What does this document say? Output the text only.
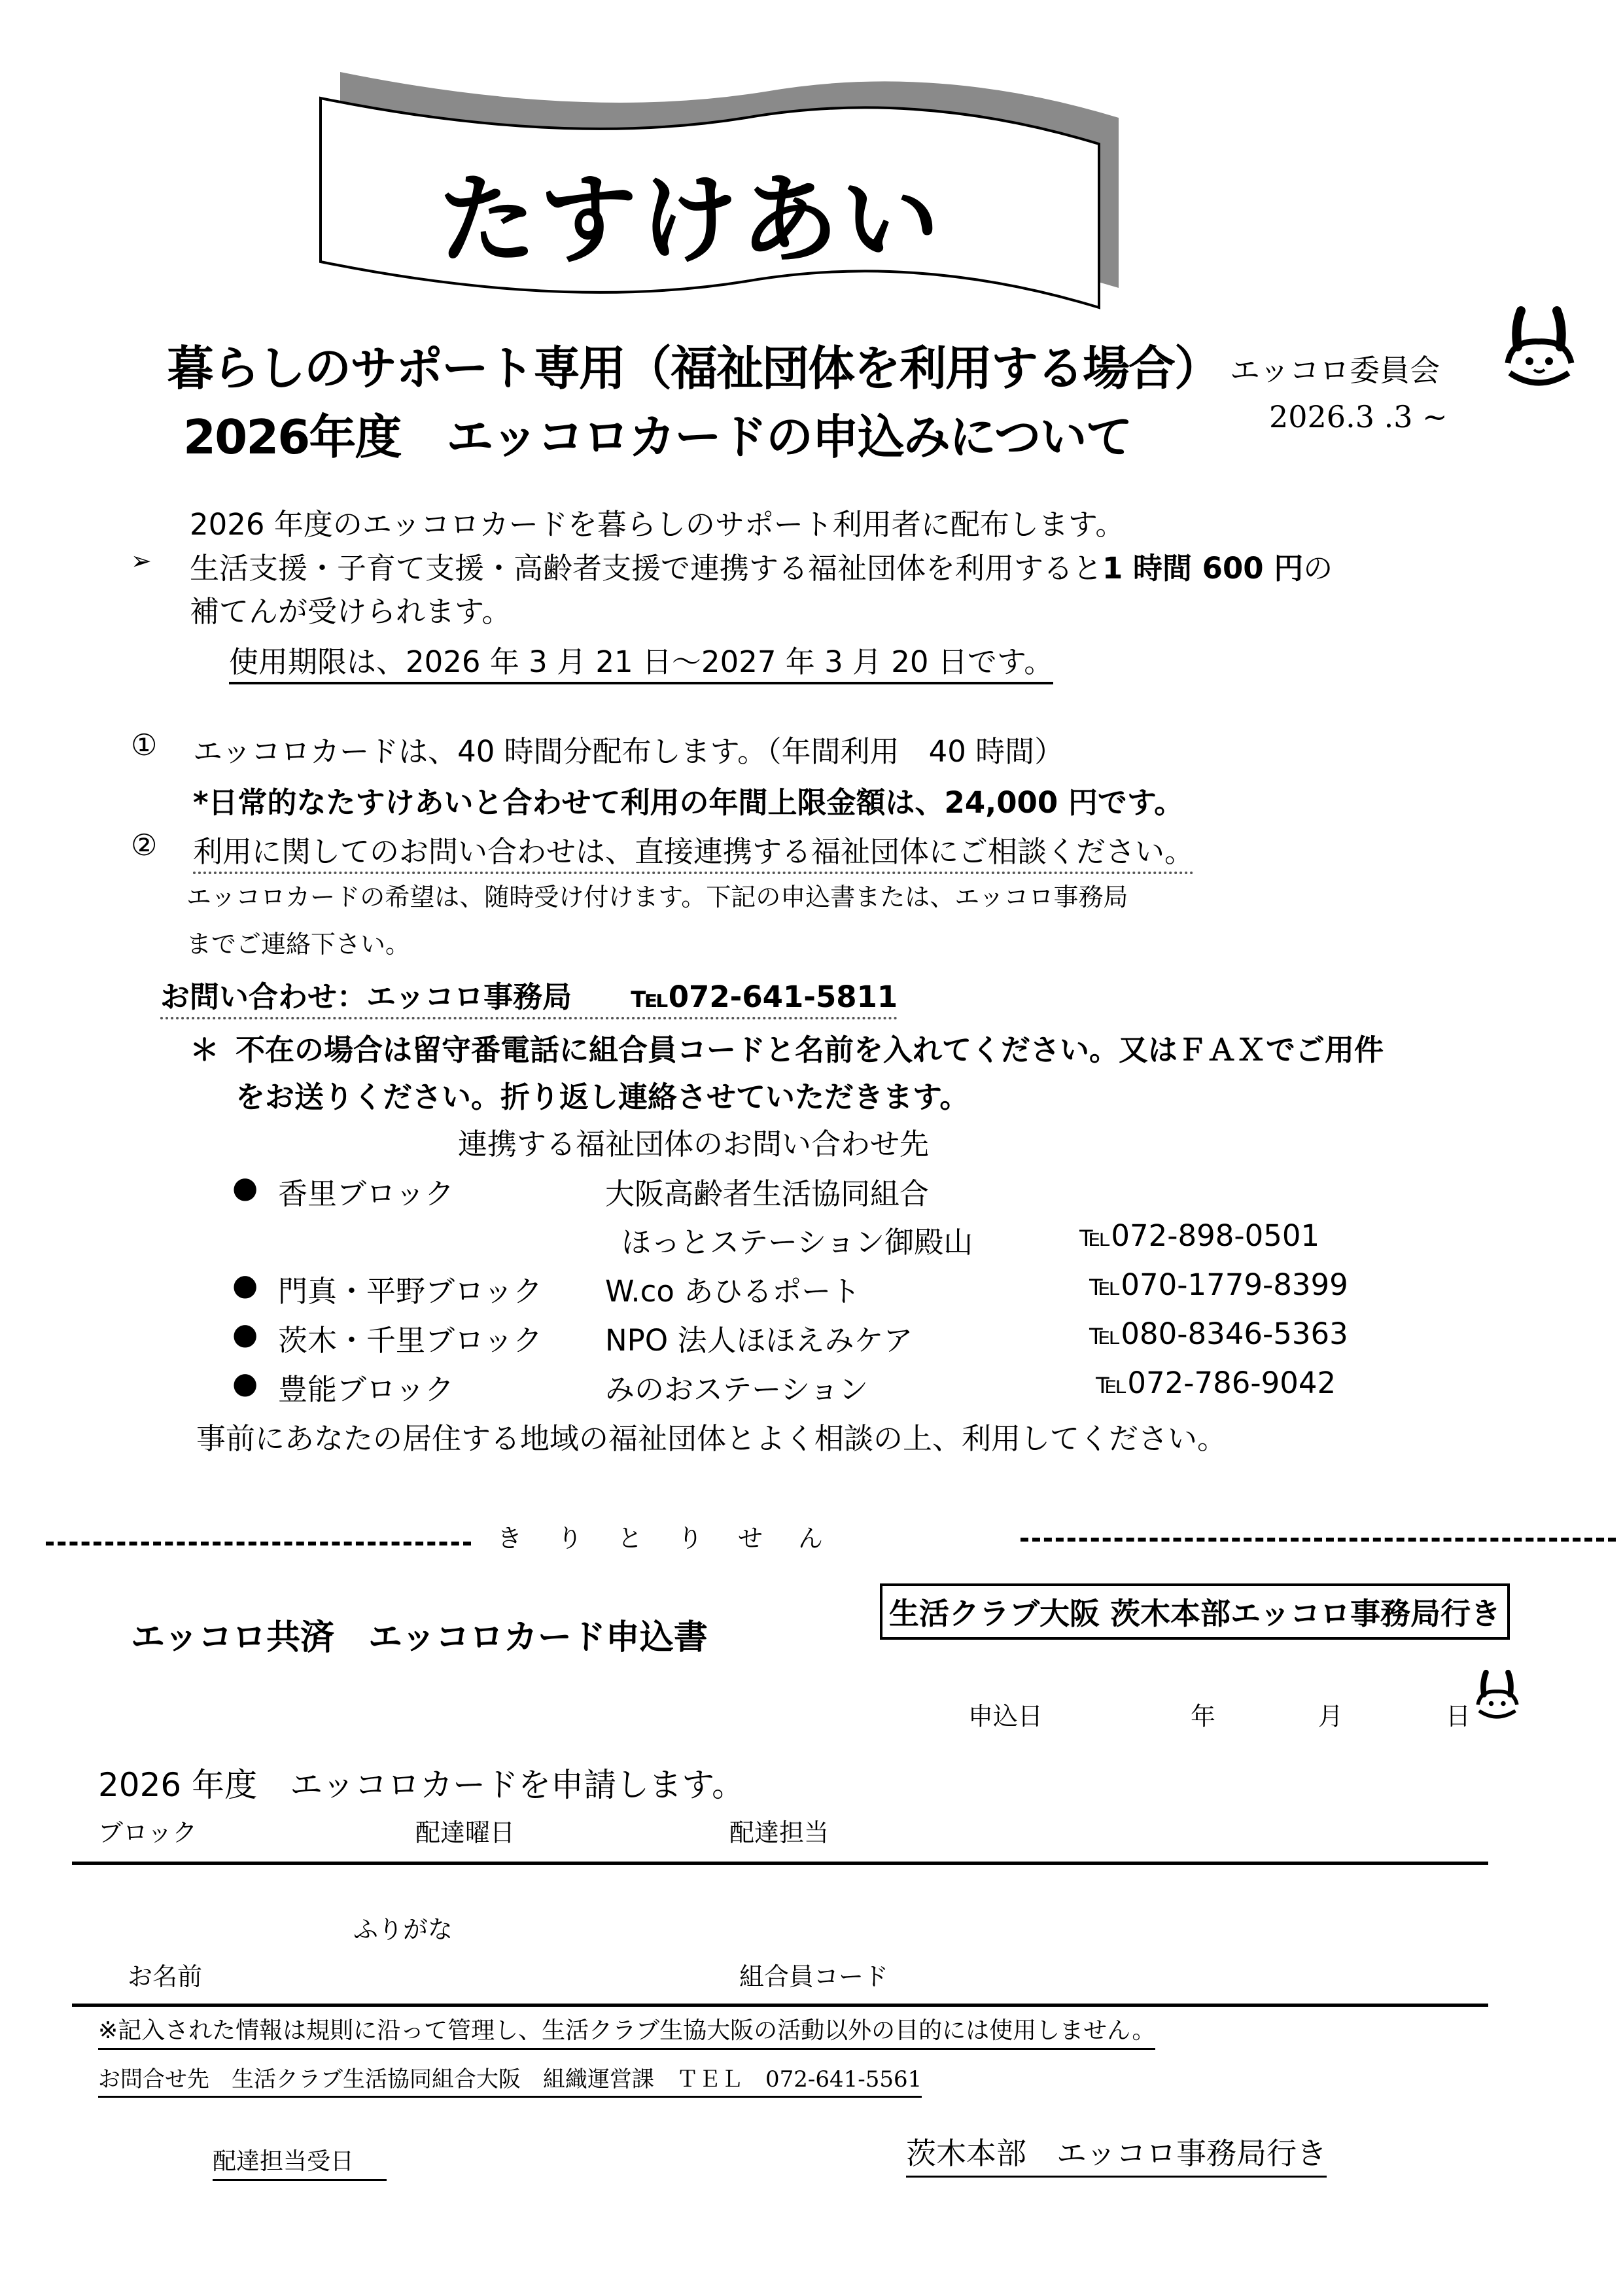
たすけあい
暮らしのサポート専用（福祉団体を利用する場合）
2026年度　エッコロカードの申込みについて
エッコロ委員会
2026.3 .3 ~
2026 年度のエッコロカードを暮らしのサポート利用者に配布します。
➢ 生活支援・子育て支援・高齢者支援で連携する福祉団体を利用すると1 時間 600 円の
補てんが受けられます。
使用期限は、2026 年 3 月 21 日～2027 年 3 月 20 日です。
① エッコロカードは、40 時間分配布します。（年間利用　40 時間）
*日常的なたすけあいと合わせて利用の年間上限金額は、24,000 円です。
② 利用に関してのお問い合わせは、直接連携する福祉団体にご相談ください。
エッコロカードの希望は、随時受け付けます。下記の申込書または、エッコロ事務局
までご連絡下さい。
お問い合わせ：エッコロ事務局　　℡072-641-5811
＊ 不在の場合は留守番電話に組合員コードと名前を入れてください。又はＦＡＸでご用件
をお送りください。折り返し連絡させていただきます。
連携する福祉団体のお問い合わせ先
● 香里ブロック	大阪高齢者生活協同組合
ほっとステーション御殿山	℡072-898-0501
● 門真・平野ブロック W.co あひるポート	℡070-1779-8399
● 茨木・千里ブロック NPO 法人ほほえみケア	℡080-8346-5363
● 豊能ブロック	みのおステーション	℡072-786-9042
事前にあなたの居住する地域の福祉団体とよく相談の上、利用してください。
き　り　と　り　せ　ん
エッコロ共済　エッコロカード申込書
生活クラブ大阪 茨木本部エッコロ事務局行き
申込日	年	月	日
2026 年度　エッコロカードを申請します。
ブロック	配達曜日	配達担当
ふりがな
お名前	組合員コード
※記入された情報は規則に沿って管理し、生活クラブ生協大阪の活動以外の目的には使用しません。
お問合せ先　生活クラブ生活協同組合大阪　組織運営課　ＴＥＬ　072-641-5561
配達担当受日	茨木本部　エッコロ事務局行き
